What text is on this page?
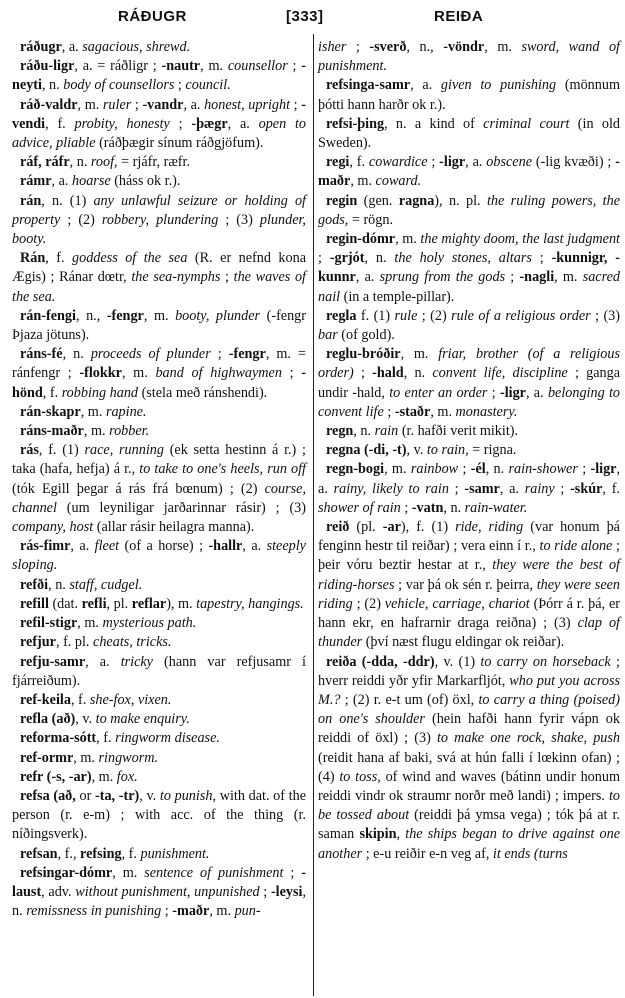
RÁÐUGR	[333]	REIÐA

ráðugr, a. sagacious, shrewd.

ráðu-ligr, a. = ráðligr ; -nautr, m. counsellor ; -neyti, n. body of counsellors ; council.

ráð-valdr, m. ruler ; -vandr, a. honest, upright ; -vendi, f. probity, honesty ; -þægr, a. open to advice, pliable (ráðþægir sínum ráðgjöfum).

ráf, ráfr, n. roof, = rjáfr, ræfr.

rámr, a. hoarse (háss ok r.).

rán, n. (1) any unlawful seizure or holding of property ; (2) robbery, plundering ; (3) plunder, booty.

Rán, f. goddess of the sea (R. er nefnd kona Ægis) ; Ránar dœtr, the sea-nymphs ; the waves of the sea.

rán-fengi, n., -fengr, m. booty, plunder (-fengr Þjaza jötuns).

ráns-fé, n. proceeds of plunder ; -fengr, m. = ránfengr ; -flokkr, m. band of highwaymen ; -hönd, f. robbing hand (stela með ránshendi).

rán-skapr, m. rapine.

ráns-maðr, m. robber.

rás, f. (1) race, running (ek setta hestinn á r.) ; taka (hafa, hefja) á r., to take to one's heels, run off (tók Egill þegar á rás frá bœnum) ; (2) course, channel (um leyniligar jarðarinnar rásir) ; (3) company, host (allar rásir heilagra manna).

rás-fimr, a. fleet (of a horse) ; -hallr, a. steeply sloping.

refði, n. staff, cudgel.

refill (dat. refli, pl. reflar), m. tapestry, hangings.

refil-stigr, m. mysterious path.

refjur, f. pl. cheats, tricks.

refju-samr, a. tricky (hann var refjusamr í fjárreiðum).

ref-keila, f. she-fox, vixen.

refla (að), v. to make enquiry.

reforma-sótt, f. ringworm disease.

ref-ormr, m. ringworm.

refr (-s, -ar), m. fox.

refsa (að, or -ta, -tr), v. to punish, with dat. of the person (r. e-m) ; with acc. of the thing (r. níðingsverk).

refsan, f., refsing, f. punishment.

refsingar-dómr, m. sentence of punishment ; -laust, adv. without punishment, unpunished ; -leysi, n. remissness in punishing ; -maðr, m. pun-

isher ; -sverð, n., -vöndr, m. sword, wand of punishment.

refsinga-samr, a. given to punishing (mönnum þótti hann harðr ok r.).

refsi-þing, n. a kind of criminal court (in old Sweden).

regi, f. cowardice ; -ligr, a. obscene (-lig kvæði) ; -maðr, m. coward.

regin (gen. ragna), n. pl. the ruling powers, the gods, = rögn.

regin-dómr, m. the mighty doom, the last judgment ; -grjót, n. the holy stones, altars ; -kunnigr, -kunnr, a. sprung from the gods ; -nagli, m. sacred nail (in a temple-pillar).

regla f. (1) rule ; (2) rule of a religious order ; (3) bar (of gold).

reglu-bróðir, m. friar, brother (of a religious order) ; -hald, n. convent life, discipline ; ganga undir -hald, to enter an order ; -ligr, a. belonging to convent life ; -staðr, m. monastery.

regn, n. rain (r. hafði verit mikit).

regna (-di, -t), v. to rain, = rigna.

regn-bogi, m. rainbow ; -él, n. rain-shower ; -ligr, a. rainy, likely to rain ; -samr, a. rainy ; -skúr, f. shower of rain ; -vatn, n. rain-water.

reið (pl. -ar), f. (1) ride, riding (var honum þá fenginn hestr til reiðar) ; vera einn í r., to ride alone ; þeir vóru beztir hestar at r., they were the best of riding-horses ; var þá ok sén r. þeirra, they were seen riding ; (2) vehicle, carriage, chariot (Þórr á r. þá, er hann ekr, en hafrarnir draga reiðna) ; (3) clap of thunder (því næst flugu eldingar ok reiðar).

reiða (-dda, -ddr), v. (1) to carry on horseback ; hverr reiddi yðr yfir Markarfljót, who put you across M.? ; (2) r. e-t um (of) öxl, to carry a thing (poised) on one's shoulder (hein hafði hann fyrir vápn ok reiddi of öxl) ; (3) to make one rock, shake, push (reidit hana af baki, svá at hún falli í lœkinn ofan) ; (4) to toss, of wind and waves (bátinn undir honum reiddi vindr ok straumr norðr með landi) ; impers. to be tossed about (reiddi þá ymsa vega) ; tók þá at r. saman skipin, the ships began to drive against one another ; e-u reiðir e-n veg af, it ends (turns
